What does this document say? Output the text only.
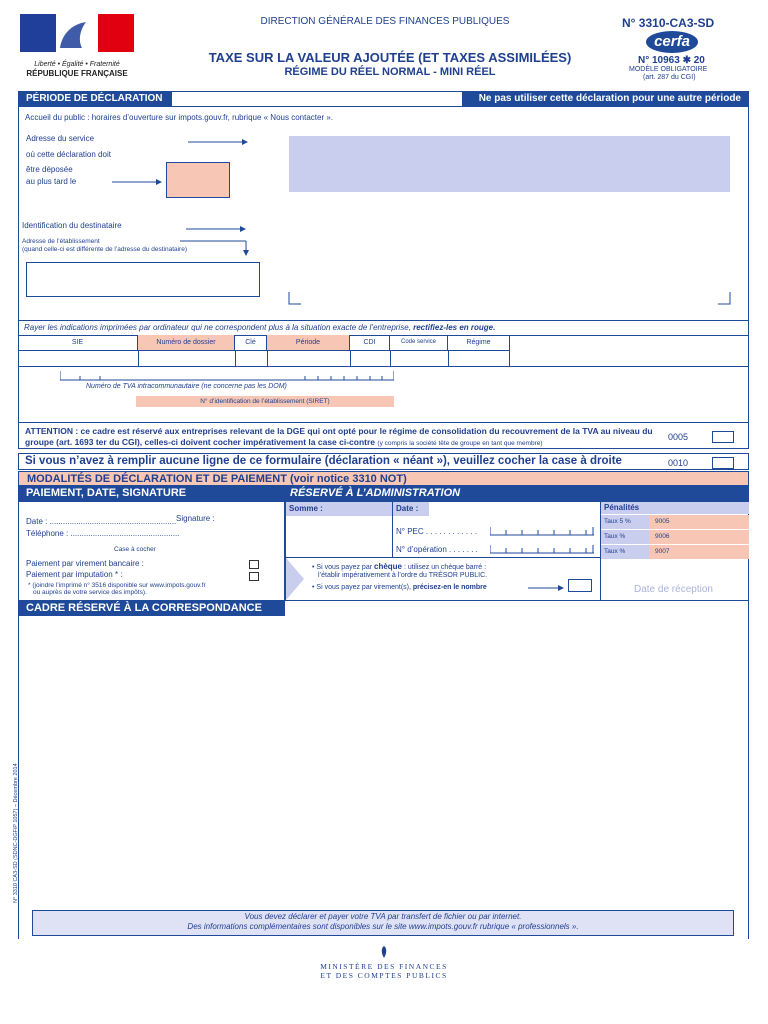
Liberté • Égalité • Fraternité
RÉPUBLIQUE FRANÇAISE
DIRECTION GÉNÉRALE DES FINANCES PUBLIQUES
TAXE SUR LA VALEUR AJOUTÉE (ET TAXES ASSIMILÉES)
RÉGIME DU RÉEL NORMAL - MINI RÉEL
N° 3310-CA3-SD
cerfa
N° 10963 ✱ 20
MODÈLE OBLIGATOIRE
(art. 287 du CGI)
PÉRIODE DE DÉCLARATION	Ne pas utiliser cette déclaration pour une autre période
Accueil du public : horaires d’ouverture sur impots.gouv.fr, rubrique « Nous contacter ».
Adresse du service
où cette déclaration doit
être déposée
au plus tard le
Identification du destinataire
Adresse de l’établissement
(quand celle-ci est différente de l’adresse du destinataire)
Rayer les indications imprimées par ordinateur qui ne correspondent plus à la situation exacte de l’entreprise, rectifiez-les en rouge.
SIE	Numéro de dossier	Clé	Période	CDI	Code service	Régime
Numéro de TVA intracommunautaire (ne concerne pas les DOM)
N° d’identification de l’établissement (SIRET)
ATTENTION : ce cadre est réservé aux entreprises relevant de la DGE qui ont opté pour le régime de consolidation du recouvrement de la TVA au niveau du groupe (art. 1693 ter du CGI), celles-ci doivent cocher impérativement la case ci-contre (y compris la société tête de groupe en tant que membre)
0005
Si vous n’avez à remplir aucune ligne de ce formulaire (déclaration « néant »), veuillez cocher la case à droite	0010
MODALITÉS DE DÉCLARATION ET DE PAIEMENT (voir notice 3310 NOT)
PAIEMENT, DATE, SIGNATURE	RÉSERVÉ À L’ADMINISTRATION
Date : .........................................................
Téléphone : .................................................
Signature :
Case à cocher
Paiement par virement bancaire :
Paiement par imputation * :
* (joindre l’imprimé n° 3516 disponible sur www.impots.gouv.fr
ou auprès de votre service des impôts).
Somme :	Date :
N° PEC . . . . . . . . . . . .
N° d’opération . . . . . . .
• Si vous payez par chèque : utilisez un chèque barré :
l’établir impérativement à l’ordre du TRÉSOR PUBLIC.
• Si vous payez par virement(s), précisez-en le nombre
Pénalités
Taux 5 %	9005
Taux %	9006
Taux %	9007
Date de réception
CADRE RÉSERVÉ À LA CORRESPONDANCE
N° 3310 CA3-SD (SDNC-DGFiP 1057) – Décembre 2014
Vous devez déclarer et payer votre TVA par transfert de fichier ou par internet.
Des informations complémentaires sont disponibles sur le site www.impots.gouv.fr rubrique « professionnels ».
MINISTÈRE DES FINANCES
ET DES COMPTES PUBLICS
